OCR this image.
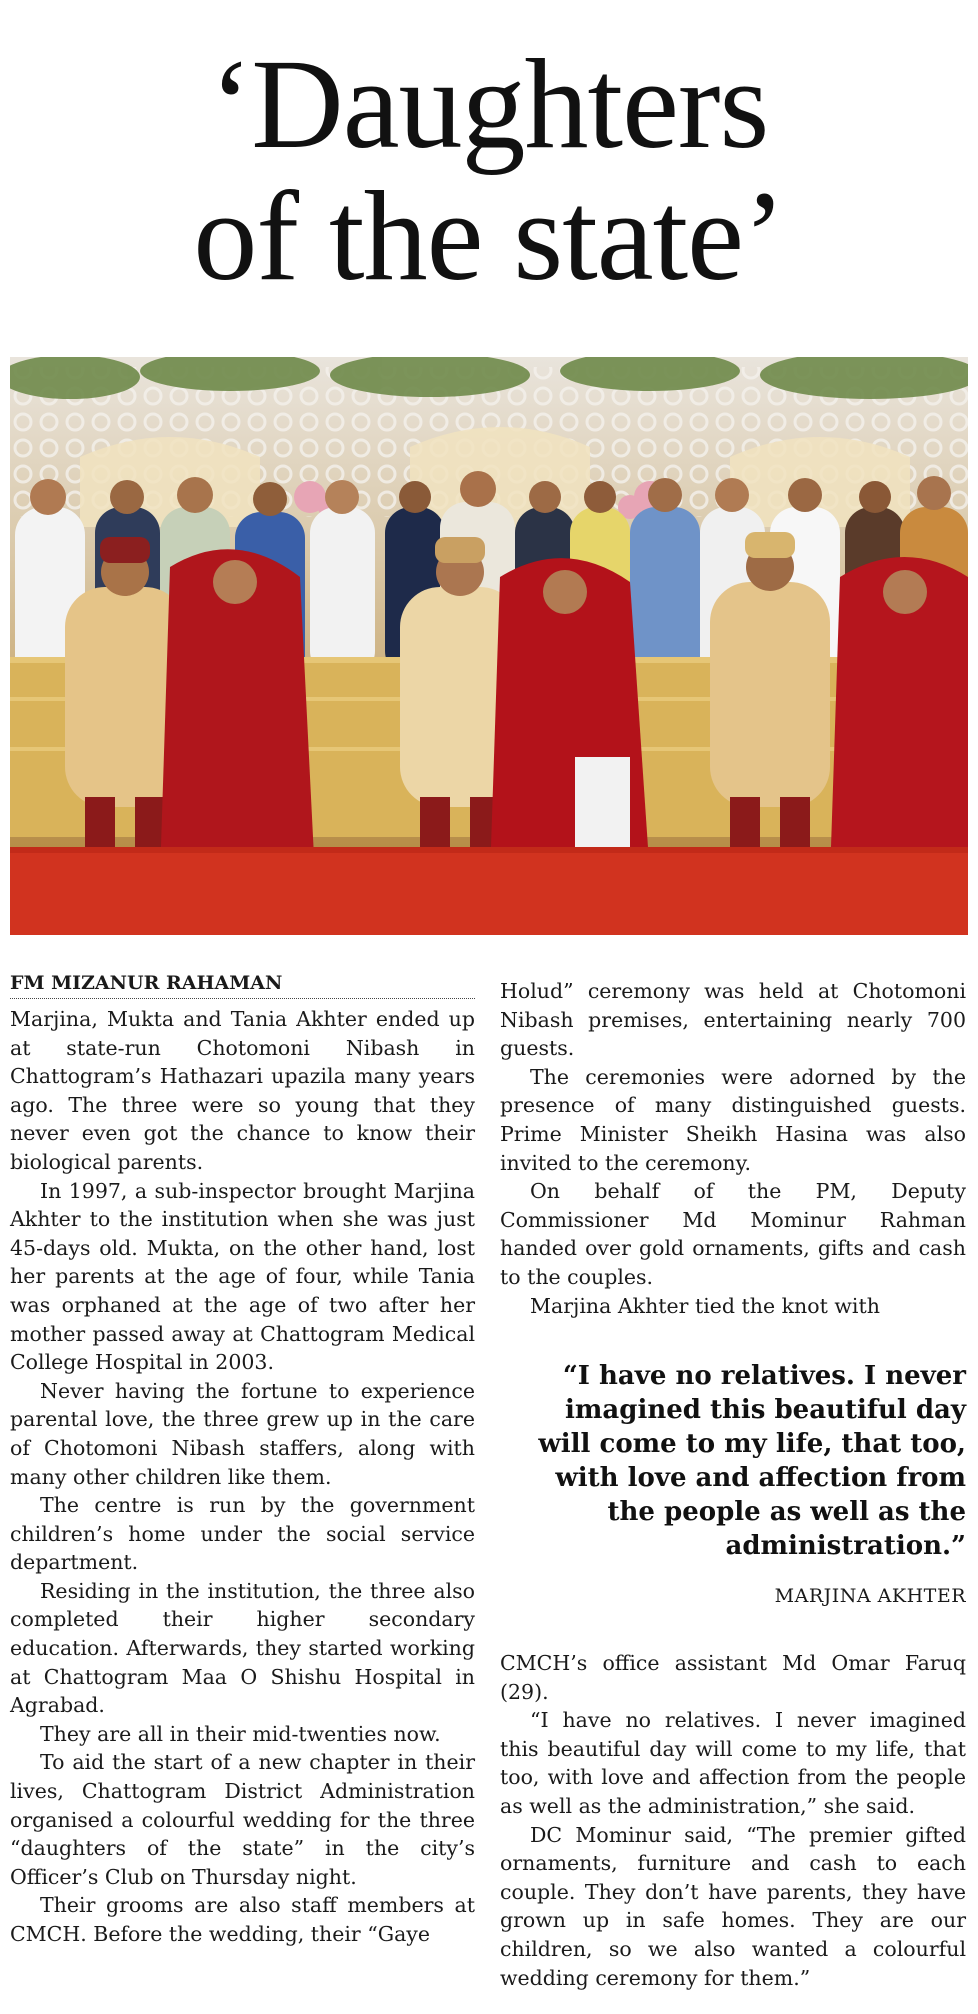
‘Daughters
of the state’
FM MIZANUR RAHAMAN

Marjina, Mukta and Tania Akhter ended up at state-run Chotomoni Nibash in Chattogram’s Hathazari upazila many years ago. The three were so young that they never even got the chance to know their biological parents.

In 1997, a sub-inspector brought Marjina Akhter to the institution when she was just 45-days old. Mukta, on the other hand, lost her parents at the age of four, while Tania was orphaned at the age of two after her mother passed away at Chattogram Medical College Hospital in 2003.

Never having the fortune to experience parental love, the three grew up in the care of Chotomoni Nibash staffers, along with many other children like them.

The centre is run by the government children’s home under the social service department.

Residing in the institution, the three also completed their higher secondary education. Afterwards, they started working at Chattogram Maa O Shishu Hospital in Agrabad.

They are all in their mid-twenties now.

To aid the start of a new chapter in their lives, Chattogram District Administration organised a colourful wedding for the three “daughters of the state” in the city’s Officer’s Club on Thursday night.

Their grooms are also staff members at CMCH. Before the wedding, their “Gaye

Holud” ceremony was held at Chotomoni Nibash premises, entertaining nearly 700 guests.

The ceremonies were adorned by the presence of many distinguished guests. Prime Minister Sheikh Hasina was also invited to the ceremony.

On behalf of the PM, Deputy Commissioner Md Mominur Rahman handed over gold ornaments, gifts and cash to the couples.

Marjina Akhter tied the knot with

“I have no relatives. I never imagined this beautiful day will come to my life, that too, with love and affection from the people as well as the administration.”
MARJINA AKHTER

CMCH’s office assistant Md Omar Faruq (29).

“I have no relatives. I never imagined this beautiful day will come to my life, that too, with love and affection from the people as well as the administration,” she said.

DC Mominur said, “The premier gifted ornaments, furniture and cash to each couple. They don’t have parents, they have grown up in safe homes. They are our children, so we also wanted a colourful wedding ceremony for them.”
